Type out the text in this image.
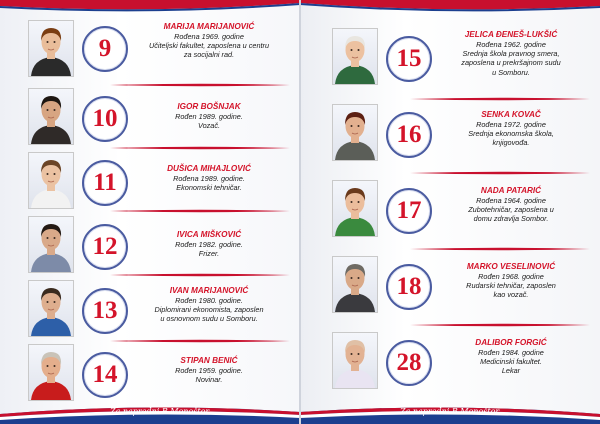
9
MARIJA MARIJANOVIĆ
Rođena 1969. godine
Učiteljski fakultet, zaposlena u centru
za socijalni rad.
10	IGOR BOŠNJAK
Rođen 1989. godine.
Vozač.
11
DUŠICA MIHAJLOVIĆ
Rođena 1989. godine.
Ekonomski tehničar.
12	IVICA MIŠKOVIĆ
Rođen 1982. godine.
Frizer.
13
IVAN MARIJANOVIĆ
Rođen 1980. godine.
Diplomirani ekonomista, zaposlen
u osnovnom sudu u Somboru.
14
STIPAN BENIĆ
Rođen 1959. godine.
Novinar.
Za napredni B.Monoštor
15
JELICA ĐENEŠ-LUKŠIĆ
Rođena 1962. godine
Srednja škola pravnog smera,
zaposlena u prekršajnom sudu
u Somboru.
16
SENKA KOVAČ
Rođena 1972. godine
Srednja ekonomska škola,
knjigovođa.
17
NADA PATARIĆ
Rođena 1964. godine
Zubotehničar, zaposlena u
domu zdravlja Sombor.
18
MARKO VESELINOVIĆ
Rođen 1968. godine
Rudarski tehničar, zaposlen
kao vozač.
28
DALIBOR FORGIĆ
Rođen 1984. godine
Medicinski fakultet.
Lekar
Za napredni B.Monoštor
